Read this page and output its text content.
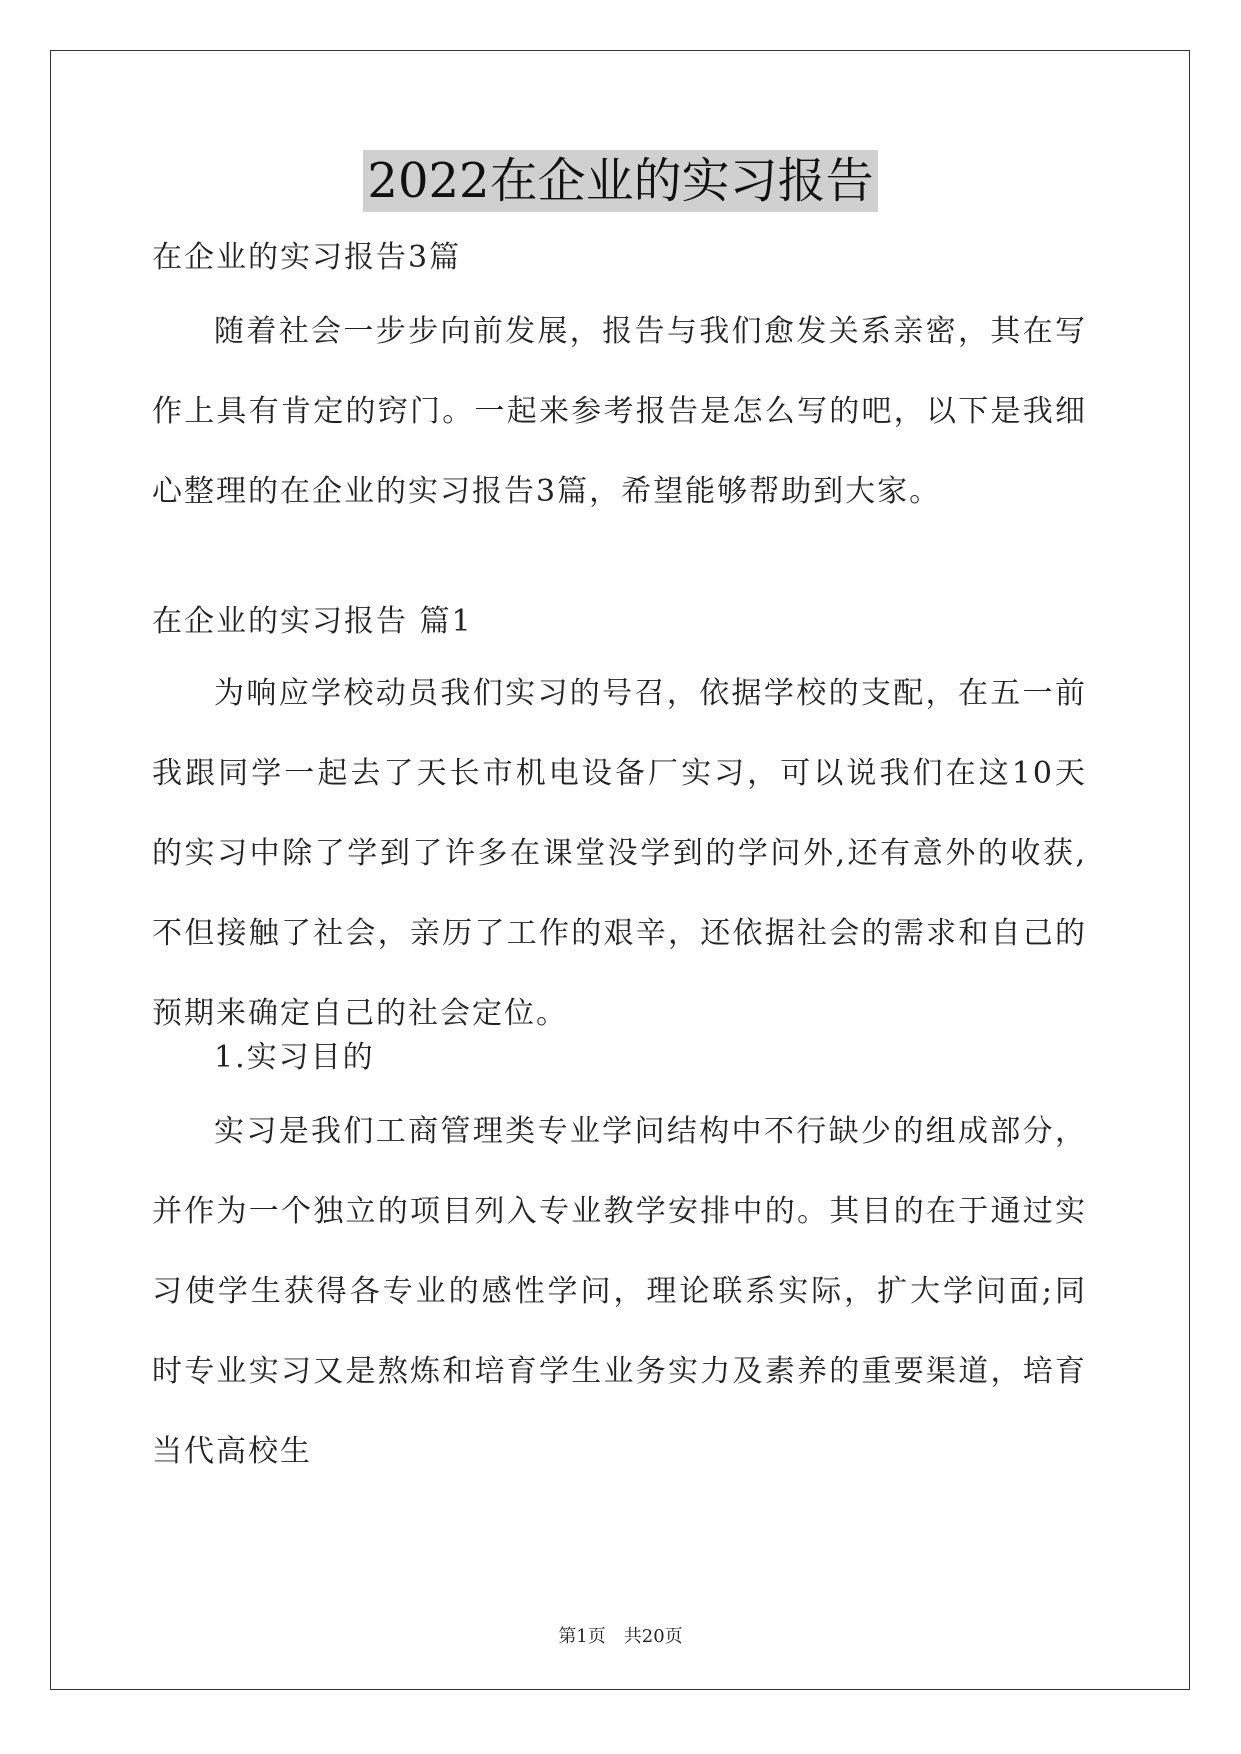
2022在企业的实习报告

在企业的实习报告3篇

随着社会一步步向前发展，报告与我们愈发关系亲密，其在写作上具有肯定的窍门。一起来参考报告是怎么写的吧，以下是我细心整理的在企业的实习报告3篇，希望能够帮助到大家。

在企业的实习报告 篇1

为响应学校动员我们实习的号召，依据学校的支配，在五一前我跟同学一起去了天长市机电设备厂实习，可以说我们在这10天的实习中除了学到了许多在课堂没学到的学问外,还有意外的收获,不但接触了社会，亲历了工作的艰辛，还依据社会的需求和自己的预期来确定自己的社会定位。

1.实习目的

实习是我们工商管理类专业学问结构中不行缺少的组成部分，并作为一个独立的项目列入专业教学安排中的。其目的在于通过实习使学生获得各专业的感性学问，理论联系实际，扩大学问面;同时专业实习又是熬炼和培育学生业务实力及素养的重要渠道，培育当代高校生

第1页　共20页
